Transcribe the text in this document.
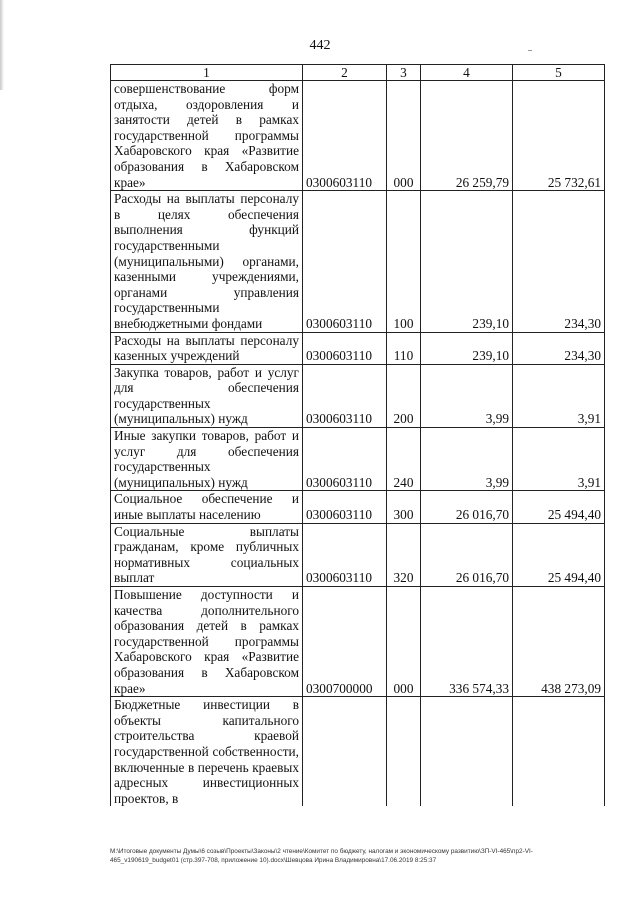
442
1	2	3	4	5
совершенствование форм отдыха, оздоровления и занятости детей в рамках государственной программы Хабаровского края «Развитие образования в Хабаровском крае»	0300603110	000	26 259,79	25 732,61
Расходы на выплаты персоналу в целях обеспечения выполнения функций государственными (муниципальными) органами, казенными учреждениями, органами управления государственными внебюджетными фондами	0300603110	100	239,10	234,30
Расходы на выплаты персоналу казенных учреждений	0300603110	110	239,10	234,30
Закупка товаров, работ и услуг для обеспечения государственных (муниципальных) нужд	0300603110	200	3,99	3,91
Иные закупки товаров, работ и услуг для обеспечения государственных (муниципальных) нужд	0300603110	240	3,99	3,91
Социальное обеспечение и иные выплаты населению	0300603110	300	26 016,70	25 494,40
Социальные выплаты гражданам, кроме публичных нормативных социальных выплат	0300603110	320	26 016,70	25 494,40
Повышение доступности и качества дополнительного образования детей в рамках государственной программы Хабаровского края «Развитие образования в Хабаровском крае»	0300700000	000	336 574,33	438 273,09
Бюджетные инвестиции в объекты капитального строительства краевой государственной собственности, включенные в перечень краевых адресных инвестиционных проектов, в				
M:\Итоговые документы Думы\6 созыв\Проекты\Законы\2 чтение\Комитет по бюджету, налогам и экономическому развитию\ЗП-VI-465\пр2-VI-
465_v190619_budget01 (стр.397-708, приложение 10).docx\Шевцова Ирина Владимировна\17.06.2019 8:25:37
